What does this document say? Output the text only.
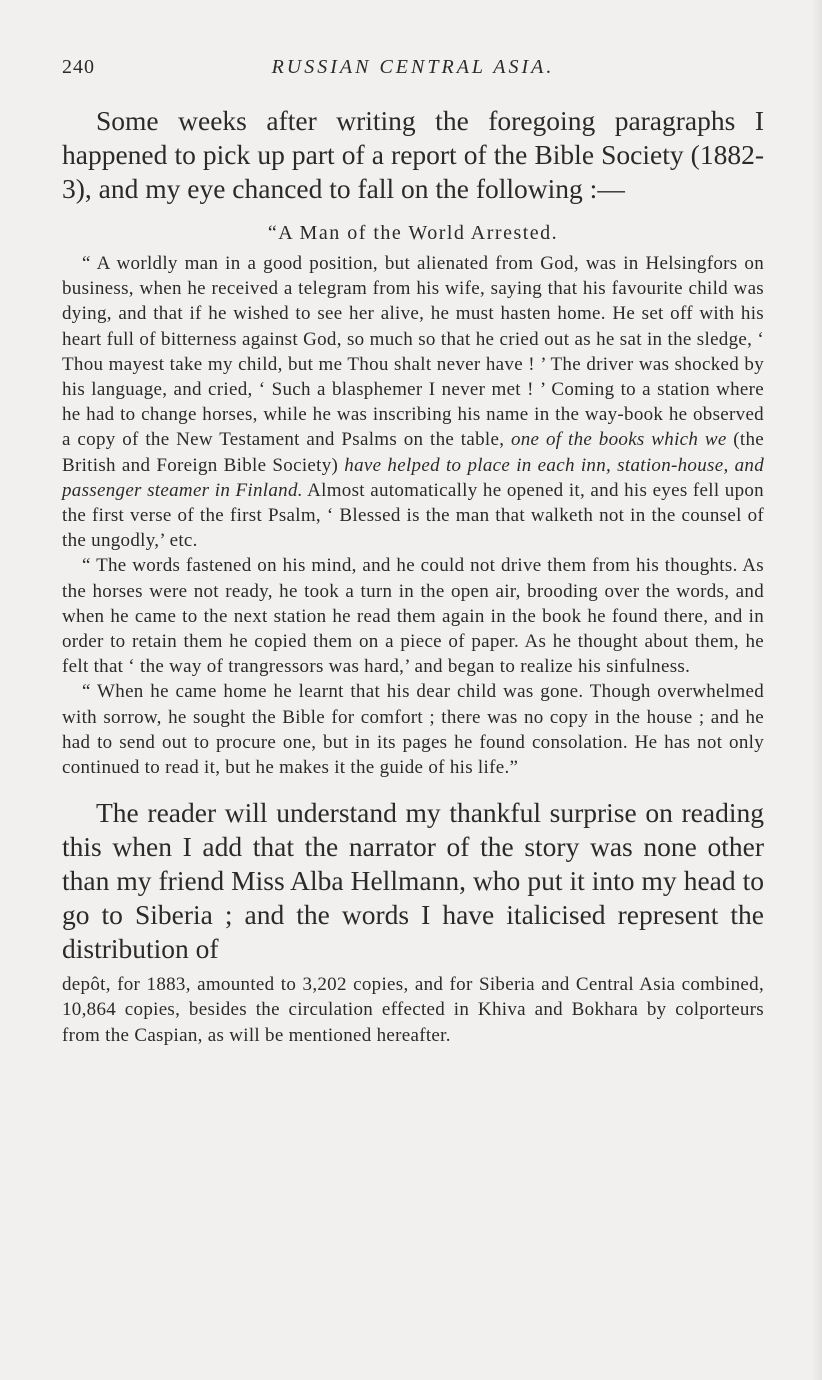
240	RUSSIAN CENTRAL ASIA.

Some weeks after writing the foregoing paragraphs I happened to pick up part of a report of the Bible Society (1882-3), and my eye chanced to fall on the following :—

“A Man of the World Arrested.

“ A worldly man in a good position, but alienated from God, was in Helsingfors on business, when he received a telegram from his wife, saying that his favourite child was dying, and that if he wished to see her alive, he must hasten home. He set off with his heart full of bitterness against God, so much so that he cried out as he sat in the sledge, ‘ Thou mayest take my child, but me Thou shalt never have ! ’ The driver was shocked by his language, and cried, ‘ Such a blasphemer I never met ! ’ Coming to a station where he had to change horses, while he was inscribing his name in the way-book he observed a copy of the New Testament and Psalms on the table, one of the books which we (the British and Foreign Bible Society) have helped to place in each inn, station-house, and passenger steamer in Finland. Almost automatically he opened it, and his eyes fell upon the first verse of the first Psalm, ‘ Blessed is the man that walketh not in the counsel of the ungodly,’ etc.

“ The words fastened on his mind, and he could not drive them from his thoughts. As the horses were not ready, he took a turn in the open air, brooding over the words, and when he came to the next station he read them again in the book he found there, and in order to retain them he copied them on a piece of paper. As he thought about them, he felt that ‘ the way of trangressors was hard,’ and began to realize his sinfulness.

“ When he came home he learnt that his dear child was gone. Though overwhelmed with sorrow, he sought the Bible for comfort ; there was no copy in the house ; and he had to send out to procure one, but in its pages he found consolation. He has not only continued to read it, but he makes it the guide of his life.”

The reader will understand my thankful surprise on reading this when I add that the narrator of the story was none other than my friend Miss Alba Hellmann, who put it into my head to go to Siberia ; and the words I have italicised represent the distribution of

depôt, for 1883, amounted to 3,202 copies, and for Siberia and Central Asia combined, 10,864 copies, besides the circulation effected in Khiva and Bokhara by colporteurs from the Caspian, as will be mentioned hereafter.
